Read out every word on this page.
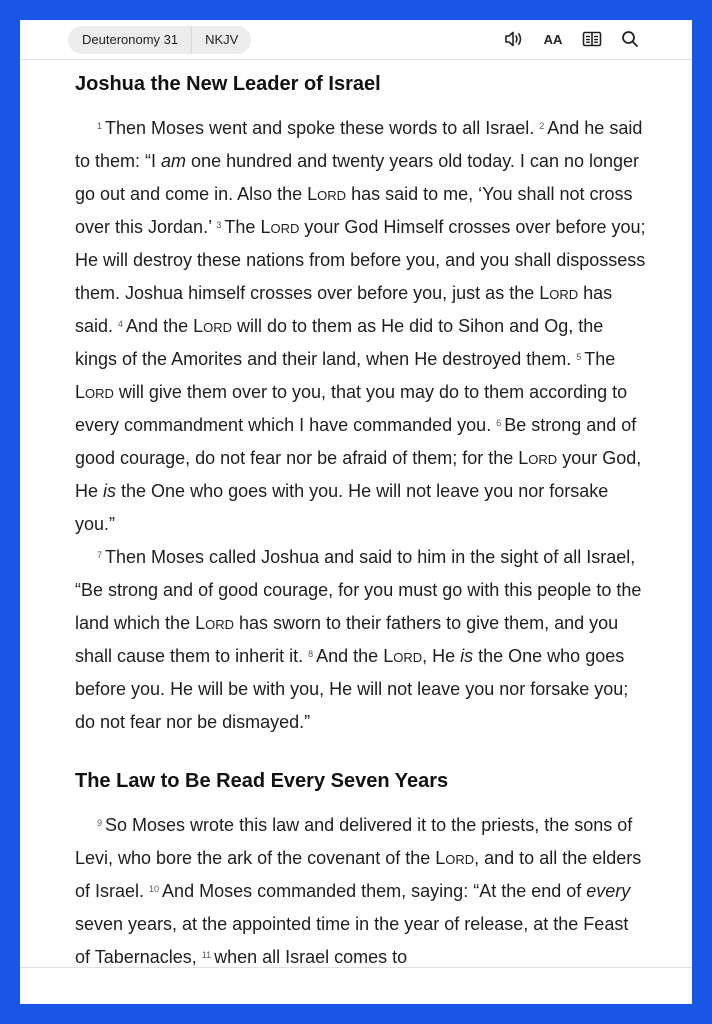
Deuteronomy 31	NKJV	AA
Joshua the New Leader of Israel

$^1$ Then Moses went and spoke these words to all Israel. $^2$ And he said to them: “I am one hundred and twenty years old today. I can no longer go out and come in. Also the Lord has said to me, ‘You shall not cross over this Jordan.’ $^3$ The Lord your God Himself crosses over before you; He will destroy these nations from before you, and you shall dispossess them. Joshua himself crosses over before you, just as the Lord has said. $^4$ And the Lord will do to them as He did to Sihon and Og, the kings of the Amorites and their land, when He destroyed them. $^5$ The Lord will give them over to you, that you may do to them according to every commandment which I have commanded you. $^6$ Be strong and of good courage, do not fear nor be afraid of them; for the Lord your God, He is the One who goes with you. He will not leave you nor forsake you.”

$^7$ Then Moses called Joshua and said to him in the sight of all Israel, “Be strong and of good courage, for you must go with this people to the land which the Lord has sworn to their fathers to give them, and you shall cause them to inherit it. $^8$ And the Lord, He is the One who goes before you. He will be with you, He will not leave you nor forsake you; do not fear nor be dismayed.”

The Law to Be Read Every Seven Years

$^9$ So Moses wrote this law and delivered it to the priests, the sons of Levi, who bore the ark of the covenant of the Lord, and to all the elders of Israel. $^{10}$ And Moses commanded them, saying: “At the end of every seven years, at the appointed time in the year of release, at the Feast of Tabernacles, $^{11}$ when all Israel comes to
